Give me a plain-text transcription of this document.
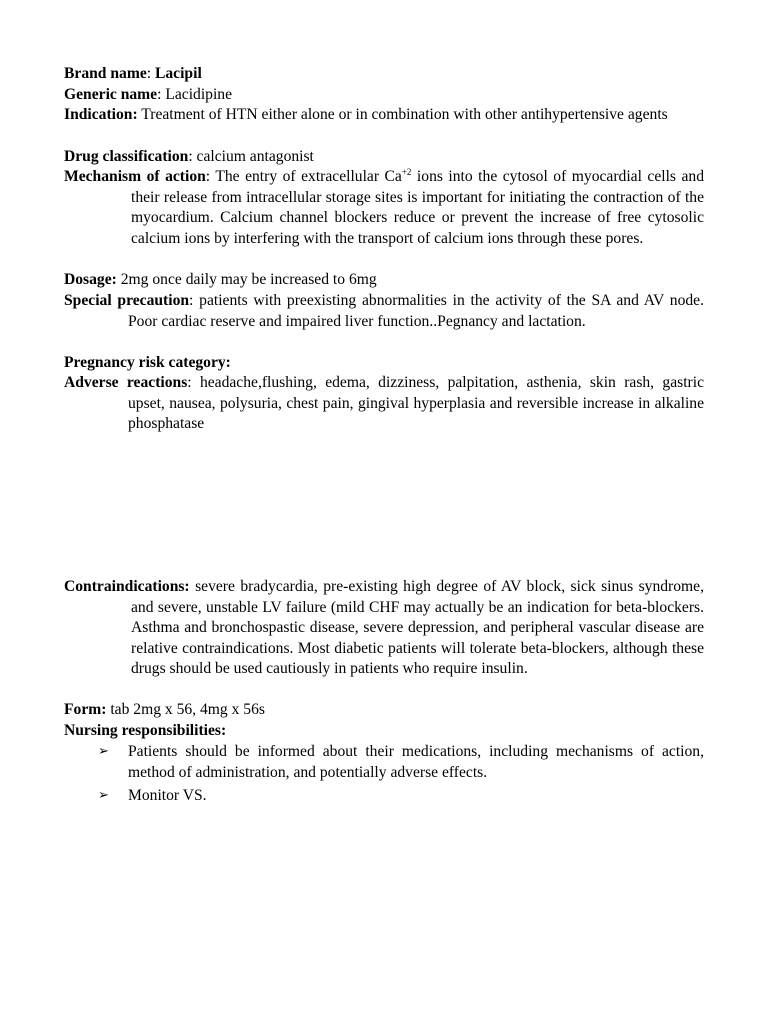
Brand name: Lacipil
Generic name: Lacidipine
Indication: Treatment of HTN either alone or in combination with other antihypertensive agents
Drug classification: calcium antagonist
Mechanism of action: The entry of extracellular $Ca^{+2}$ ions into the cytosol of myocardial cells and their release from intracellular storage sites is important for initiating the contraction of the myocardium. Calcium channel blockers reduce or prevent the increase of free cytosolic calcium ions by interfering with the transport of calcium ions through these pores.
Dosage: 2mg once daily may be increased to 6mg
Special precaution: patients with preexisting abnormalities in the activity of the SA and AV node. Poor cardiac reserve and impaired liver function..Pegnancy and lactation.
Pregnancy risk category:
Adverse reactions: headache,flushing, edema, dizziness, palpitation, asthenia, skin rash, gastric upset, nausea, polysuria, chest pain, gingival hyperplasia and reversible increase in alkaline phosphatase
Contraindications: severe bradycardia, pre-existing high degree of AV block, sick sinus syndrome, and severe, unstable LV failure (mild CHF may actually be an indication for beta-blockers. Asthma and bronchospastic disease, severe depression, and peripheral vascular disease are relative contraindications. Most diabetic patients will tolerate beta-blockers, although these drugs should be used cautiously in patients who require insulin.
Form: tab 2mg x 56, 4mg x 56s
Nursing responsibilities:
➢	Patients should be informed about their medications, including mechanisms of action, method of administration, and potentially adverse effects.
➢	Monitor VS.
